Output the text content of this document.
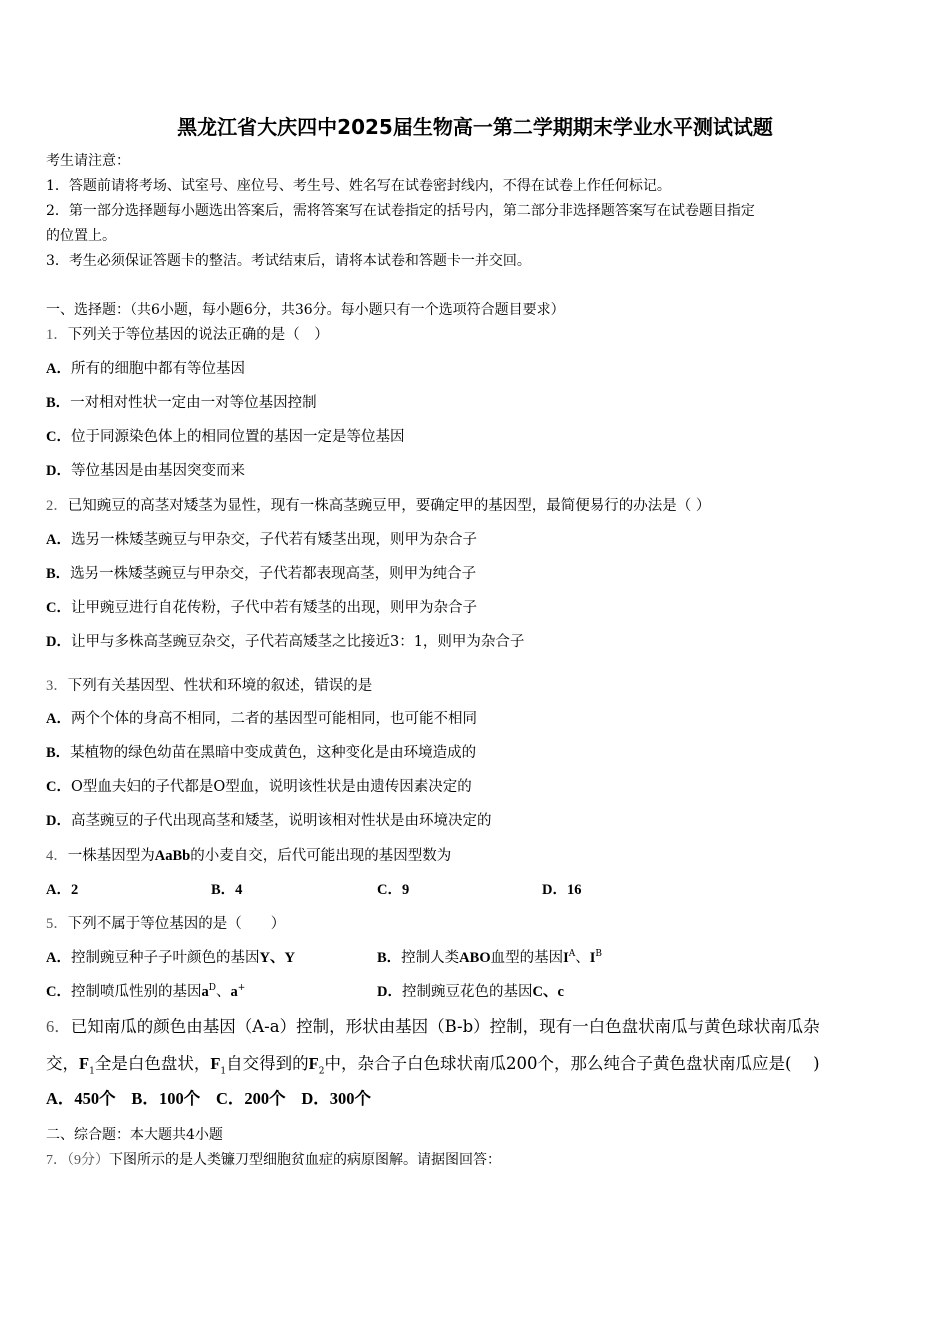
黑龙江省大庆四中2025届生物高一第二学期期末学业水平测试试题
考生请注意：
1．答题前请将考场、试室号、座位号、考生号、姓名写在试卷密封线内，不得在试卷上作任何标记。
2．第一部分选择题每小题选出答案后，需将答案写在试卷指定的括号内，第二部分非选择题答案写在试卷题目指定
的位置上。
3．考生必须保证答题卡的整洁。考试结束后，请将本试卷和答题卡一并交回。
一、选择题：（共6小题，每小题6分，共36分。每小题只有一个选项符合题目要求）
1．下列关于等位基因的说法正确的是（　）
A．所有的细胞中都有等位基因
B．一对相对性状一定由一对等位基因控制
C．位于同源染色体上的相同位置的基因一定是等位基因
D．等位基因是由基因突变而来
2．已知豌豆的高茎对矮茎为显性，现有一株高茎豌豆甲，要确定甲的基因型，最简便易行的办法是（ ）
A．选另一株矮茎豌豆与甲杂交，子代若有矮茎出现，则甲为杂合子
B．选另一株矮茎豌豆与甲杂交，子代若都表现高茎，则甲为纯合子
C．让甲豌豆进行自花传粉，子代中若有矮茎的出现，则甲为杂合子
D．让甲与多株高茎豌豆杂交，子代若高矮茎之比接近3：1，则甲为杂合子
3．下列有关基因型、性状和环境的叙述，错误的是
A．两个个体的身高不相同，二者的基因型可能相同，也可能不相同
B．某植物的绿色幼苗在黑暗中变成黄色，这种变化是由环境造成的
C．O型血夫妇的子代都是O型血，说明该性状是由遗传因素决定的
D．高茎豌豆的子代出现高茎和矮茎，说明该相对性状是由环境决定的
4．一株基因型为AaBb的小麦自交，后代可能出现的基因型数为
A．2	B．4	C．9	D．16
5．下列不属于等位基因的是（　　）
A．控制豌豆种子子叶颜色的基因Y、Y	B．控制人类ABO血型的基因$I^A$、$I^B$
C．控制喷瓜性别的基因$a^D$、a+	D．控制豌豆花色的基因C、c
6．已知南瓜的颜色由基因（A-a）控制，形状由基因（B-b）控制，现有一白色盘状南瓜与黄色球状南瓜杂
交，$F_1$全是白色盘状，$F_1$自交得到的$F_2$中，杂合子白色球状南瓜200个，那么纯合子黄色盘状南瓜应是(　 )
A．450个 B．100个 C．200个 D．300个
二、综合题：本大题共4小题
7．（9分）下图所示的是人类镰刀型细胞贫血症的病原图解。请据图回答：
